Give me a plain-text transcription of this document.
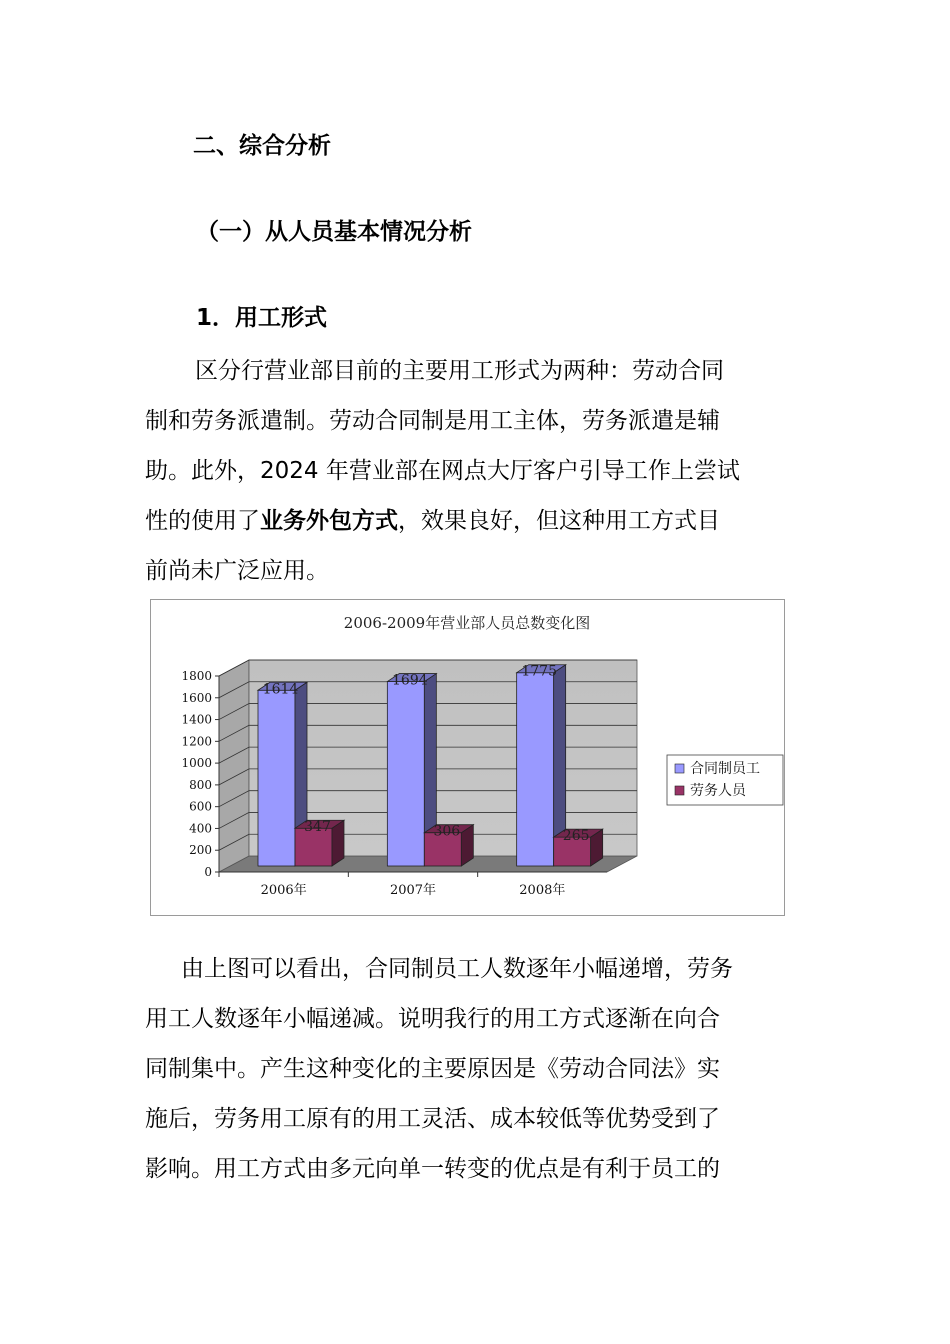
二、综合分析
（一）从人员基本情况分析
1．用工形式
区分行营业部目前的主要用工形式为两种：劳动合同
制和劳务派遣制。劳动合同制是用工主体，劳务派遣是辅
助。此外，2024 年营业部在网点大厅客户引导工作上尝试
性的使用了业务外包方式，效果良好，但这种用工方式目
前尚未广泛应用。
2006-2009年营业部人员总数变化图
0
200
400
600
800
1000
1200
1400
1600
1800
1614
347
1694
306
1775
265
2006年	2007年	2008年
合同制员工
劳务人员
由上图可以看出，合同制员工人数逐年小幅递增，劳务
用工人数逐年小幅递减。说明我行的用工方式逐渐在向合
同制集中。产生这种变化的主要原因是《劳动合同法》实
施后，劳务用工原有的用工灵活、成本较低等优势受到了
影响。用工方式由多元向单一转变的优点是有利于员工的
